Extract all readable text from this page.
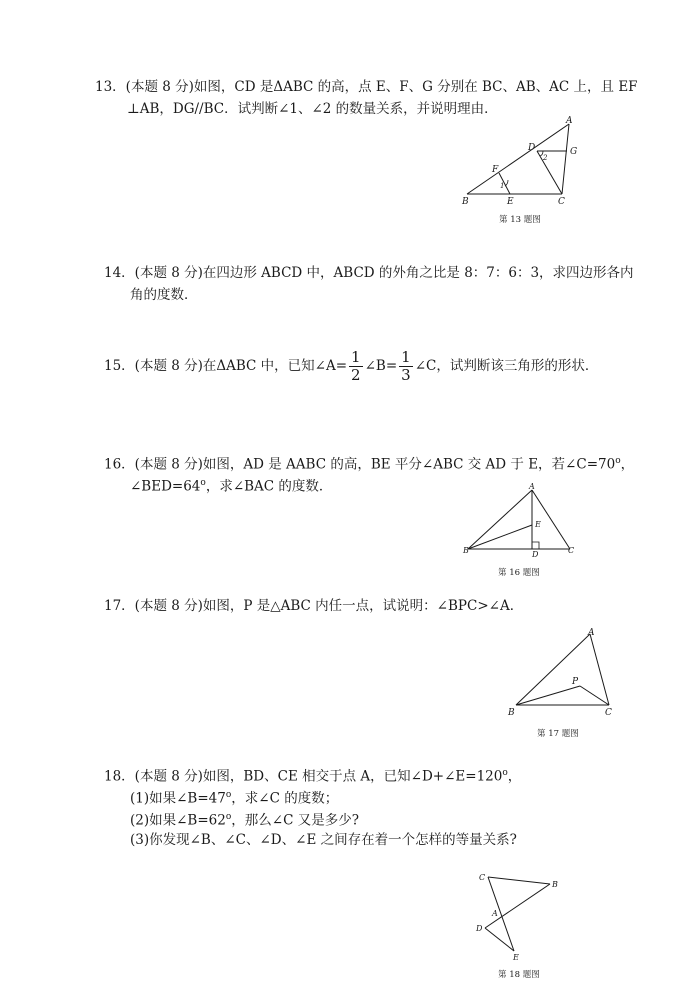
13．(本题 8 分)如图，CD 是ΔABC 的高，点 E、F、G 分别在 BC、AB、AC 上，且 EF
⊥AB，DG//BC．试判断∠1、∠2 的数量关系，并说明理由．
A
B	C
D
E
F
G
1
2
第 13 题图
14．(本题 8 分)在四边形 ABCD 中，ABCD 的外角之比是 8：7：6：3，求四边形各内
角的度数．
15．(本题 8 分)在ΔABC 中，已知∠A= $\frac{1}{2}$ ∠B= $\frac{1}{3}$ ∠C，试判断该三角形的形状．
16．(本题 8 分)如图，AD 是 AABC 的高，BE 平分∠ABC 交 AD 于 E，若$\angle C=70^o$，
$\angle BED=64^o$，求∠BAC 的度数．	A
B	C
D
E
第 16 题图
17．(本题 8 分)如图，P 是△ABC 内任一点，试说明：∠BPC>∠A．
A
B	C
P
第 17 题图
18．(本题 8 分)如图，BD、CE 相交于点 A，已知$\angle D+\angle E=120^o$，
(1)如果$\angle B=47^o$，求∠C 的度数；
(2)如果$\angle B=62^o$，那么∠C 又是多少?
(3)你发现∠B、∠C、∠D、∠E 之间存在着一个怎样的等量关系?
C
B
A
D
E
第 18 题图
